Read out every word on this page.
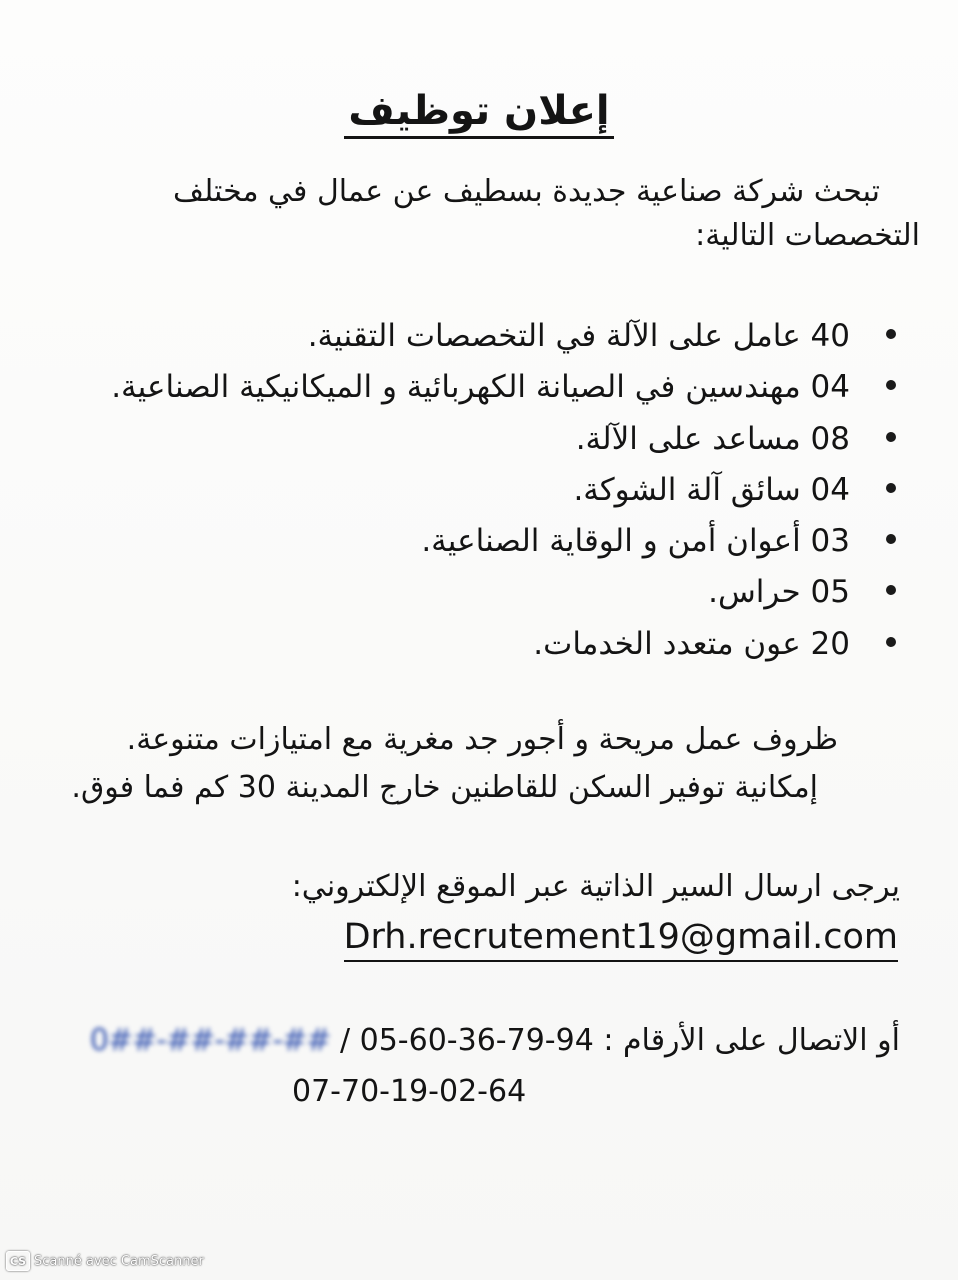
إعلان توظيف
تبحث شركة صناعية جديدة بسطيف عن عمال في مختلف
التخصصات التالية:
40 عامل على الآلة في التخصصات التقنية.
04 مهندسين في الصيانة الكهربائية و الميكانيكية الصناعية.
08 مساعد على الآلة.
04 سائق آلة الشوكة.
03 أعوان أمن و الوقاية الصناعية.
05 حراس.
20 عون متعدد الخدمات.
ظروف عمل مريحة و أجور جد مغرية مع امتيازات متنوعة.
إمكانية توفير السكن للقاطنين خارج المدينة 30 كم فما فوق.
يرجى ارسال السير الذاتية عبر الموقع الإلكتروني:
Drh.recrutement19@gmail.com
أو الاتصال على الأرقام : 0##-##-##-## / 05-60-36-79-94
07-70-19-02-64
CS Scanné avec CamScanner
